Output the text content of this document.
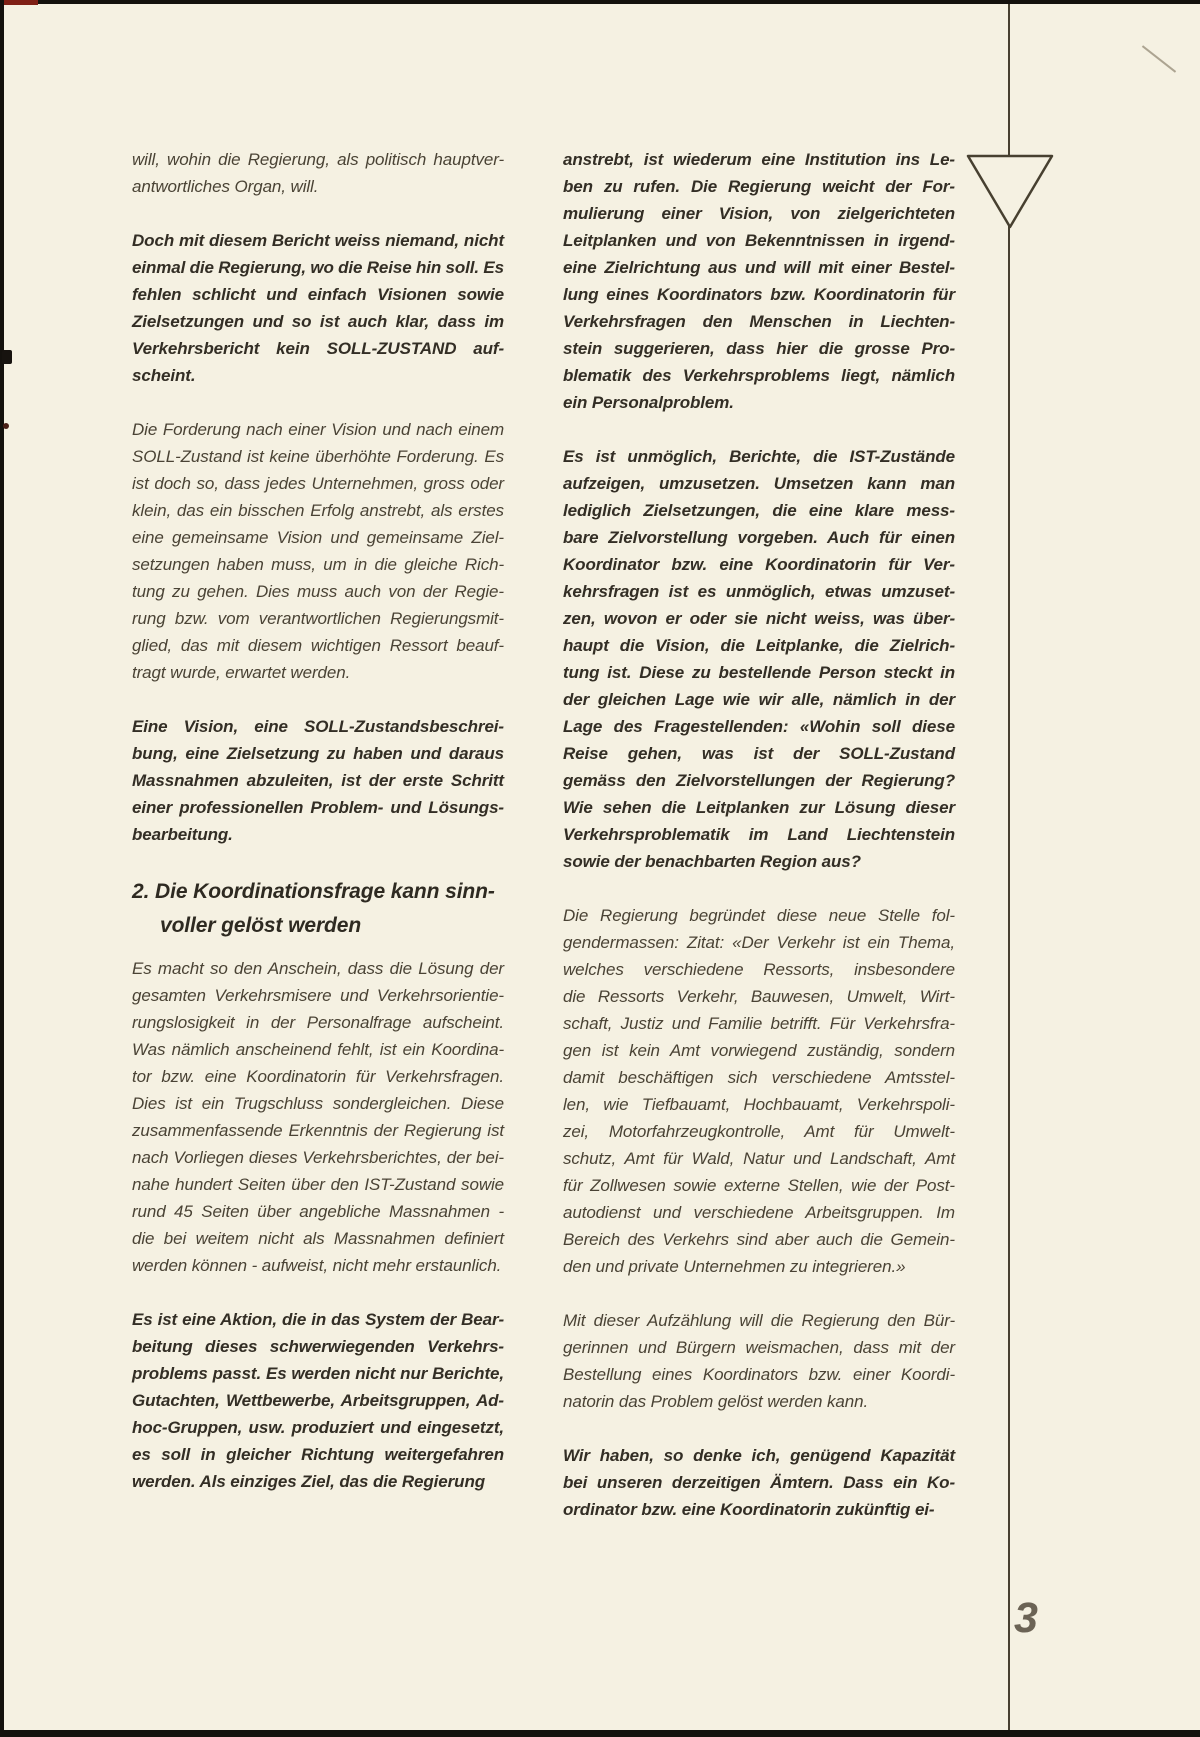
will, wohin die Regierung, als politisch hauptver-
antwortliches Organ, will.
Doch mit diesem Bericht weiss niemand, nicht
einmal die Regierung, wo die Reise hin soll. Es
fehlen schlicht und einfach Visionen sowie
Zielsetzungen und so ist auch klar, dass im
Verkehrsbericht kein SOLL-ZUSTAND auf-
scheint.
Die Forderung nach einer Vision und nach einem
SOLL-Zustand ist keine überhöhte Forderung. Es
ist doch so, dass jedes Unternehmen, gross oder
klein, das ein bisschen Erfolg anstrebt, als erstes
eine gemeinsame Vision und gemeinsame Ziel-
setzungen haben muss, um in die gleiche Rich-
tung zu gehen. Dies muss auch von der Regie-
rung bzw. vom verantwortlichen Regierungsmit-
glied, das mit diesem wichtigen Ressort beauf-
tragt wurde, erwartet werden.
Eine Vision, eine SOLL-Zustandsbeschrei-
bung, eine Zielsetzung zu haben und daraus
Massnahmen abzuleiten, ist der erste Schritt
einer professionellen Problem- und Lösungs-
bearbeitung.
2. Die Koordinationsfrage kann sinn-
voller gelöst werden
Es macht so den Anschein, dass die Lösung der
gesamten Verkehrsmisere und Verkehrsorientie-
rungslosigkeit in der Personalfrage aufscheint.
Was nämlich anscheinend fehlt, ist ein Koordina-
tor bzw. eine Koordinatorin für Verkehrsfragen.
Dies ist ein Trugschluss sondergleichen. Diese
zusammenfassende Erkenntnis der Regierung ist
nach Vorliegen dieses Verkehrsberichtes, der bei-
nahe hundert Seiten über den IST-Zustand sowie
rund 45 Seiten über angebliche Massnahmen -
die bei weitem nicht als Massnahmen definiert
werden können - aufweist, nicht mehr erstaunlich.
Es ist eine Aktion, die in das System der Bear-
beitung dieses schwerwiegenden Verkehrs-
problems passt. Es werden nicht nur Berichte,
Gutachten, Wettbewerbe, Arbeitsgruppen, Ad-
hoc-Gruppen, usw. produziert und eingesetzt,
es soll in gleicher Richtung weitergefahren
werden. Als einziges Ziel, das die Regierung
anstrebt, ist wiederum eine Institution ins Le-
ben zu rufen. Die Regierung weicht der For-
mulierung einer Vision, von zielgerichteten
Leitplanken und von Bekenntnissen in irgend-
eine Zielrichtung aus und will mit einer Bestel-
lung eines Koordinators bzw. Koordinatorin für
Verkehrsfragen den Menschen in Liechten-
stein suggerieren, dass hier die grosse Pro-
blematik des Verkehrsproblems liegt, nämlich
ein Personalproblem.
Es ist unmöglich, Berichte, die IST-Zustände
aufzeigen, umzusetzen. Umsetzen kann man
lediglich Zielsetzungen, die eine klare mess-
bare Zielvorstellung vorgeben. Auch für einen
Koordinator bzw. eine Koordinatorin für Ver-
kehrsfragen ist es unmöglich, etwas umzuset-
zen, wovon er oder sie nicht weiss, was über-
haupt die Vision, die Leitplanke, die Zielrich-
tung ist. Diese zu bestellende Person steckt in
der gleichen Lage wie wir alle, nämlich in der
Lage des Fragestellenden: «Wohin soll diese
Reise gehen, was ist der SOLL-Zustand
gemäss den Zielvorstellungen der Regierung?
Wie sehen die Leitplanken zur Lösung dieser
Verkehrsproblematik im Land Liechtenstein
sowie der benachbarten Region aus?
Die Regierung begründet diese neue Stelle fol-
gendermassen: Zitat: «Der Verkehr ist ein Thema,
welches verschiedene Ressorts, insbesondere
die Ressorts Verkehr, Bauwesen, Umwelt, Wirt-
schaft, Justiz und Familie betrifft. Für Verkehrsfra-
gen ist kein Amt vorwiegend zuständig, sondern
damit beschäftigen sich verschiedene Amtsstel-
len, wie Tiefbauamt, Hochbauamt, Verkehrspoli-
zei, Motorfahrzeugkontrolle, Amt für Umwelt-
schutz, Amt für Wald, Natur und Landschaft, Amt
für Zollwesen sowie externe Stellen, wie der Post-
autodienst und verschiedene Arbeitsgruppen. Im
Bereich des Verkehrs sind aber auch die Gemein-
den und private Unternehmen zu integrieren.»
Mit dieser Aufzählung will die Regierung den Bür-
gerinnen und Bürgern weismachen, dass mit der
Bestellung eines Koordinators bzw. einer Koordi-
natorin das Problem gelöst werden kann.
Wir haben, so denke ich, genügend Kapazität
bei unseren derzeitigen Ämtern. Dass ein Ko-
ordinator bzw. eine Koordinatorin zukünftig ei-
3
